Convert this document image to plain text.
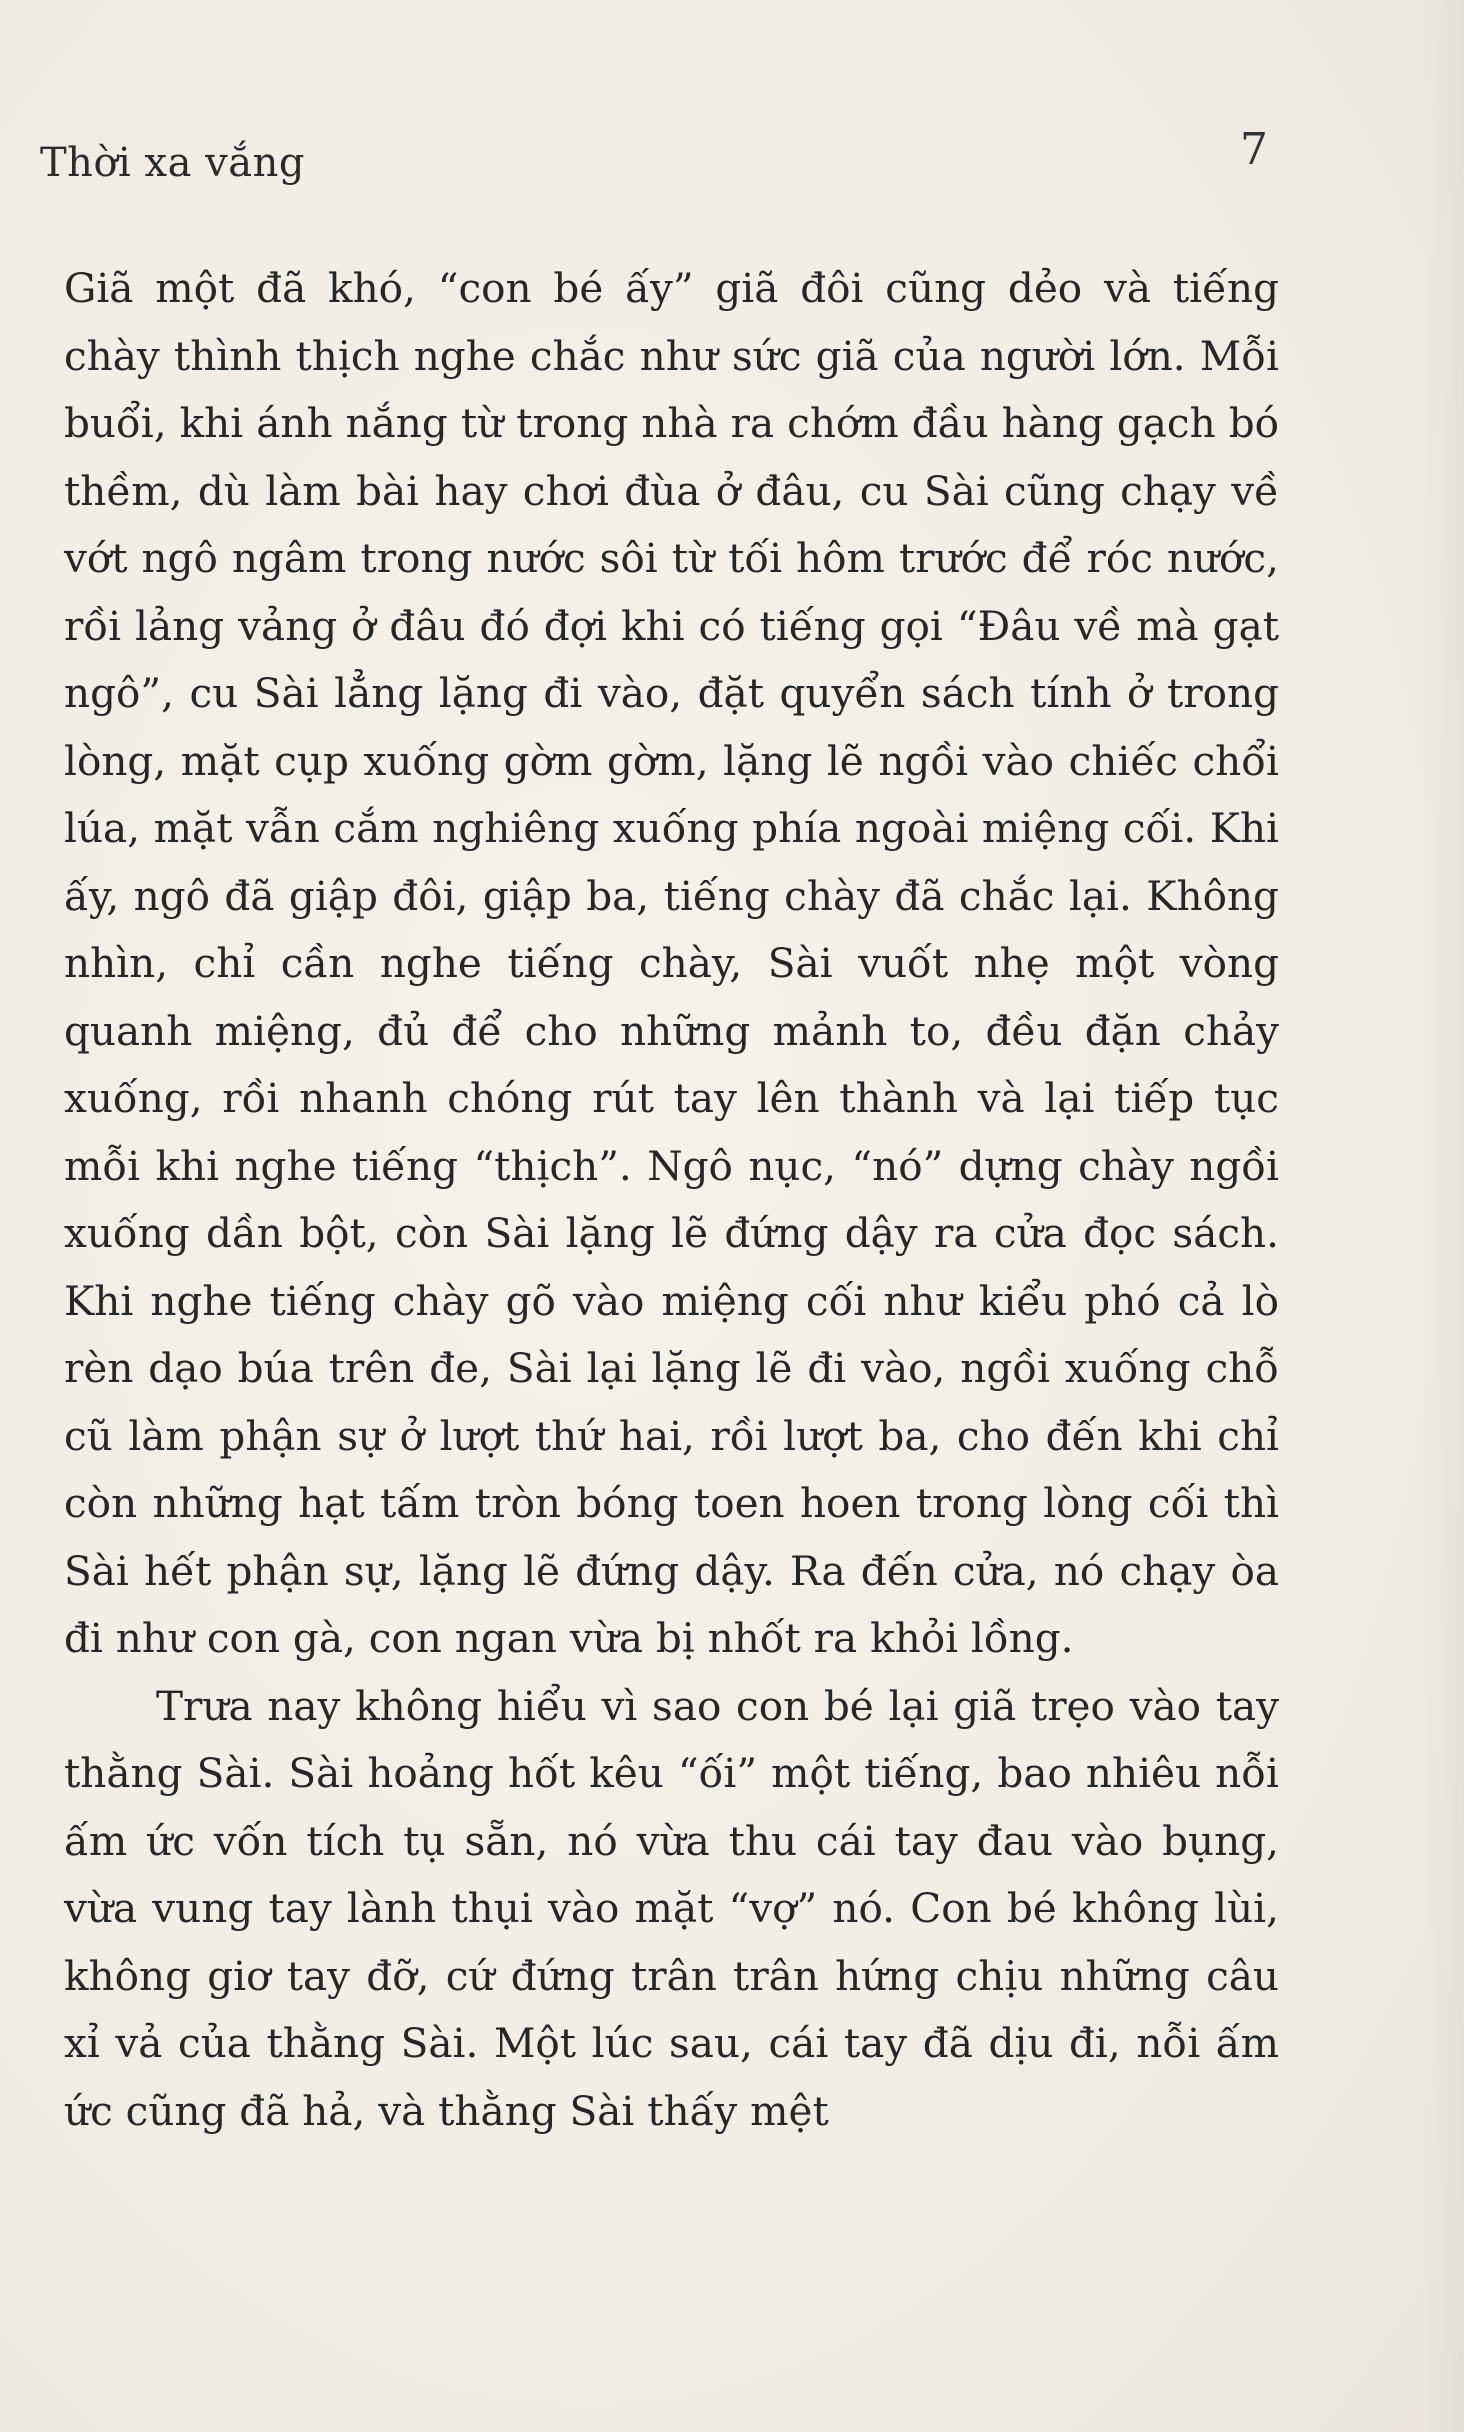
Thời xa vắng	7

Giã một đã khó, “con bé ấy” giã đôi cũng dẻo và tiếng chày thình thịch nghe chắc như sức giã của người lớn. Mỗi buổi, khi ánh nắng từ trong nhà ra chớm đầu hàng gạch bó thềm, dù làm bài hay chơi đùa ở đâu, cu Sài cũng chạy về vớt ngô ngâm trong nước sôi từ tối hôm trước để róc nước, rồi lảng vảng ở đâu đó đợi khi có tiếng gọi “Đâu về mà gạt ngô”, cu Sài lẳng lặng đi vào, đặt quyển sách tính ở trong lòng, mặt cụp xuống gờm gờm, lặng lẽ ngồi vào chiếc chổi lúa, mặt vẫn cắm nghiêng xuống phía ngoài miệng cối. Khi ấy, ngô đã giập đôi, giập ba, tiếng chày đã chắc lại. Không nhìn, chỉ cần nghe tiếng chày, Sài vuốt nhẹ một vòng quanh miệng, đủ để cho những mảnh to, đều đặn chảy xuống, rồi nhanh chóng rút tay lên thành và lại tiếp tục mỗi khi nghe tiếng “thịch”. Ngô nục, “nó” dựng chày ngồi xuống dần bột, còn Sài lặng lẽ đứng dậy ra cửa đọc sách. Khi nghe tiếng chày gõ vào miệng cối như kiểu phó cả lò rèn dạo búa trên đe, Sài lại lặng lẽ đi vào, ngồi xuống chỗ cũ làm phận sự ở lượt thứ hai, rồi lượt ba, cho đến khi chỉ còn những hạt tấm tròn bóng toen hoen trong lòng cối thì Sài hết phận sự, lặng lẽ đứng dậy. Ra đến cửa, nó chạy òa đi như con gà, con ngan vừa bị nhốt ra khỏi lồng.

Trưa nay không hiểu vì sao con bé lại giã trẹo vào tay thằng Sài. Sài hoảng hốt kêu “ối” một tiếng, bao nhiêu nỗi ấm ức vốn tích tụ sẵn, nó vừa thu cái tay đau vào bụng, vừa vung tay lành thụi vào mặt “vợ” nó. Con bé không lùi, không giơ tay đỡ, cứ đứng trân trân hứng chịu những câu xỉ vả của thằng Sài. Một lúc sau, cái tay đã dịu đi, nỗi ấm ức cũng đã hả, và thằng Sài thấy mệt
